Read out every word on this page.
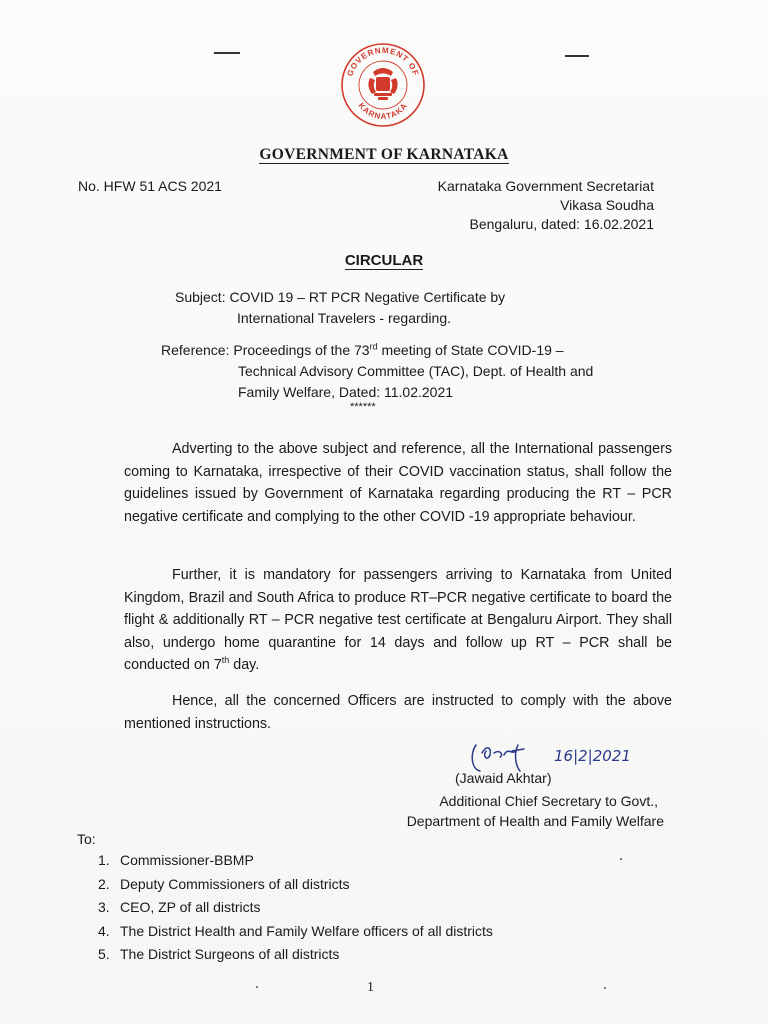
GOVERNMENT OF
KARNATAKA
GOVERNMENT OF KARNATAKA
No. HFW 51 ACS 2021	Karnataka Government Secretariat
Vikasa Soudha
Bengaluru, dated: 16.02.2021
CIRCULAR
Subject: COVID 19 – RT PCR Negative Certificate by
International Travelers - regarding.
Reference: Proceedings of the 73rd meeting of State COVID-19 –
Technical Advisory Committee (TAC), Dept. of Health and
Family Welfare, Dated: 11.02.2021
******
Adverting to the above subject and reference, all the International passengers coming to Karnataka, irrespective of their COVID vaccination status, shall follow the guidelines issued by Government of Karnataka regarding producing the RT – PCR negative certificate and complying to the other COVID -19 appropriate behaviour.
Further, it is mandatory for passengers arriving to Karnataka from United Kingdom, Brazil and South Africa to produce RT–PCR negative certificate to board the flight & additionally RT – PCR negative test certificate at Bengaluru Airport. They shall also, undergo home quarantine for 14 days and follow up RT – PCR shall be conducted on 7th day.
Hence, all the concerned Officers are instructed to comply with the above mentioned instructions.
16|2|2021
(Jawaid Akhtar)
Additional Chief Secretary to Govt.,
Department of Health and Family Welfare
To:
1. Commissioner-BBMP
2. Deputy Commissioners of all districts
3. CEO, ZP of all districts
4. The District Health and Family Welfare officers of all districts
5. The District Surgeons of all districts
1
